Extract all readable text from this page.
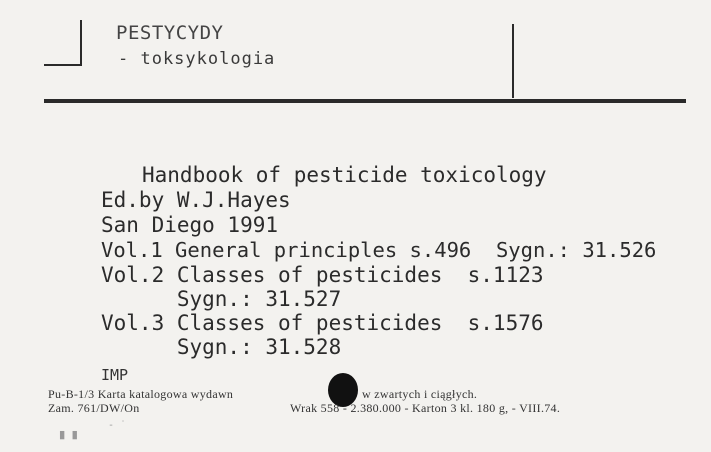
PESTYCYDY
- toksykologia
Handbook of pesticide toxicology
Ed.by W.J.Hayes
San Diego 1991
Vol.1 General principles s.496  Sygn.: 31.526
Vol.2 Classes of pesticides  s.1123
Sygn.: 31.527
Vol.3 Classes of pesticides  s.1576
Sygn.: 31.528
IMP
Pu-B-1/3 Karta katalogowa wydawn	w zwartych i ciągłych.
Zam. 761/DW/On	Wrak 558 - 2.380.000 - Karton 3 kl. 180 g, - VIII.74.
▘▝
‐ ˙
